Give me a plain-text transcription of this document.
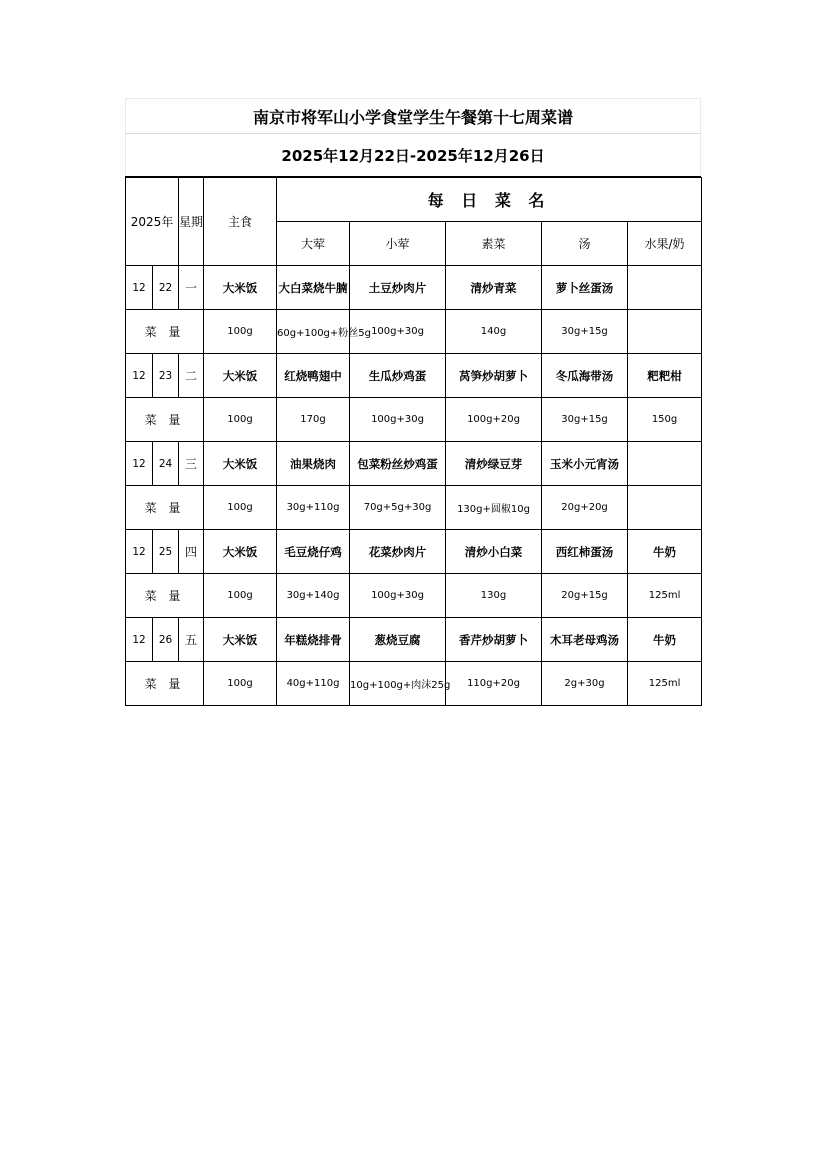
南京市将军山小学食堂学生午餐第十七周菜谱
2025年12月22日-2025年12月26日
2025年		星期	主食	每 日 菜 名				
				大荤	小荤	素菜	汤	水果/奶
12	22	一	大米饭	大白菜烧牛腩	土豆炒肉片	清炒青菜	萝卜丝蛋汤	
菜 量			100g	60g+100g+粉丝5g	100g+30g	140g	30g+15g	
12	23	二	大米饭	红烧鸭翅中	生瓜炒鸡蛋	莴笋炒胡萝卜	冬瓜海带汤	粑粑柑
菜 量			100g	170g	100g+30g	100g+20g	30g+15g	150g
12	24	三	大米饭	油果烧肉	包菜粉丝炒鸡蛋	清炒绿豆芽	玉米小元宵汤	
菜 量			100g	30g+110g	70g+5g+30g	130g+圆椒10g	20g+20g	
12	25	四	大米饭	毛豆烧仔鸡	花菜炒肉片	清炒小白菜	西红柿蛋汤	牛奶
菜 量			100g	30g+140g	100g+30g	130g	20g+15g	125ml
12	26	五	大米饭	年糕烧排骨	葱烧豆腐	香芹炒胡萝卜	木耳老母鸡汤	牛奶
菜 量			100g	40g+110g	10g+100g+肉沫25g	110g+20g	2g+30g	125ml
